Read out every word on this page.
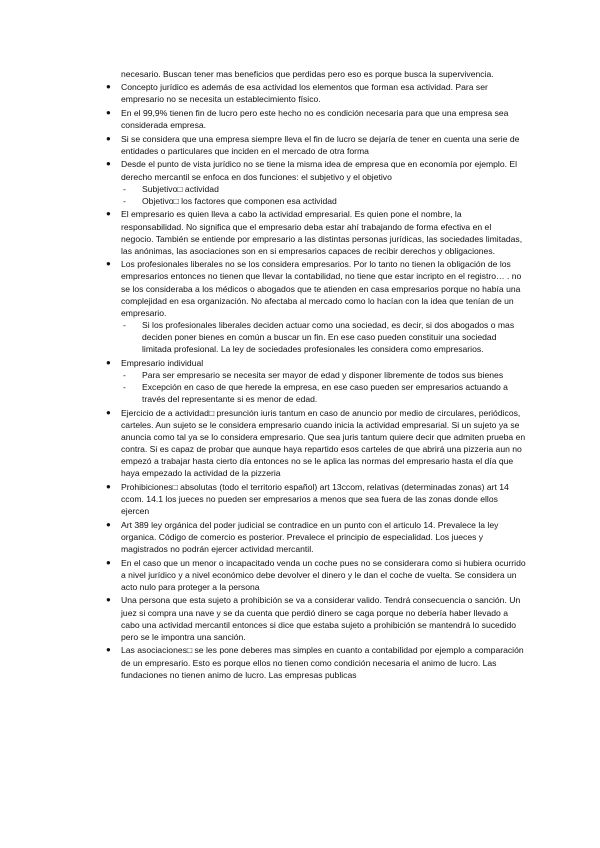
necesario. Buscan tener mas beneficios que perdidas pero eso es porque busca la supervivencia.
● Concepto jurídico es además de esa actividad los elementos que forman esa actividad. Para ser empresario no se necesita un establecimiento físico.
● En el 99,9% tienen fin de lucro pero este hecho no es condición necesaria para que una empresa sea considerada empresa.
● Si se considera que una empresa siempre lleva el fin de lucro se dejaría de tener en cuenta una serie de entidades o particulares que inciden en el mercado de otra forma
● Desde el punto de vista jurídico no se tiene la misma idea de empresa que en economía por ejemplo. El derecho mercantil se enfoca en dos funciones: el subjetivo y el objetivo
- Subjetivo□ actividad
- Objetivo□ los factores que componen esa actividad
● El empresario es quien lleva a cabo la actividad empresarial. Es quien pone el nombre, la responsabilidad. No significa que el empresario deba estar ahí trabajando de forma efectiva en el negocio. También se entiende por empresario a las distintas personas jurídicas, las sociedades limitadas, las anónimas, las asociaciones son en si empresarios capaces de recibir derechos y obligaciones.
● Los profesionales liberales no se los considera empresarios. Por lo tanto no tienen la obligación de los empresarios entonces no tienen que llevar la contabilidad, no tiene que estar incripto en el registro… . no se los consideraba a los médicos o abogados que te atienden en casa empresarios porque no había una complejidad en esa organización. No afectaba al mercado como lo hacían con la idea que tenían de un empresario.
- Si los profesionales liberales deciden actuar como una sociedad, es decir, si dos abogados o mas deciden poner bienes en común a buscar un fin. En ese caso pueden constituir una sociedad limitada profesional. La ley de sociedades profesionales les considera como empresarios.
● Empresario individual
- Para ser empresario se necesita ser mayor de edad y disponer libremente de todos sus bienes
- Excepción en caso de que herede la empresa, en ese caso pueden ser empresarios actuando a través del representante si es menor de edad.
● Ejercicio de a actividad□ presunción iuris tantum en caso de anuncio por medio de circulares, periódicos, carteles. Aun sujeto se le considera empresario cuando inicia la actividad empresarial. Si un sujeto ya se anuncia como tal ya se lo considera empresario. Que sea juris tantum quiere decir que admiten prueba en contra. Si es capaz de probar que aunque haya repartido esos carteles de que abrirá una pizzeria aun no empezó a trabajar hasta cierto día entonces no se le aplica las normas del empresario hasta el día que haya empezado la actividad de la pizzeria
● Prohibiciones□ absolutas (todo el territorio español) art 13ccom, relativas (determinadas zonas) art 14 ccom. 14.1 los jueces no pueden ser empresarios a menos que sea fuera de las zonas donde ellos ejercen
● Art 389 ley orgánica del poder judicial se contradice en un punto con el articulo 14. Prevalece la ley organica. Código de comercio es posterior. Prevalece el principio de especialidad. Los jueces y magistrados no podrán ejercer actividad mercantil.
● En el caso que un menor o incapacitado venda un coche pues no se considerara como si hubiera ocurrido a nivel jurídico y a nivel económico debe devolver el dinero y le dan el coche de vuelta. Se considera un acto nulo para proteger a la persona
● Una persona que esta sujeto a prohibición se va a considerar valido. Tendrá consecuencia o sanción. Un juez si compra una nave y se da cuenta que perdió dinero se caga porque no debería haber llevado a cabo una actividad mercantil entonces si dice que estaba sujeto a prohibición se mantendrá lo sucedido pero se le impontra una sanción.
● Las asociaciones□ se les pone deberes mas simples en cuanto a contabilidad por ejemplo a comparación de un empresario. Esto es porque ellos no tienen como condición necesaria el animo de lucro. Las fundaciones no tienen animo de lucro. Las empresas publicas
